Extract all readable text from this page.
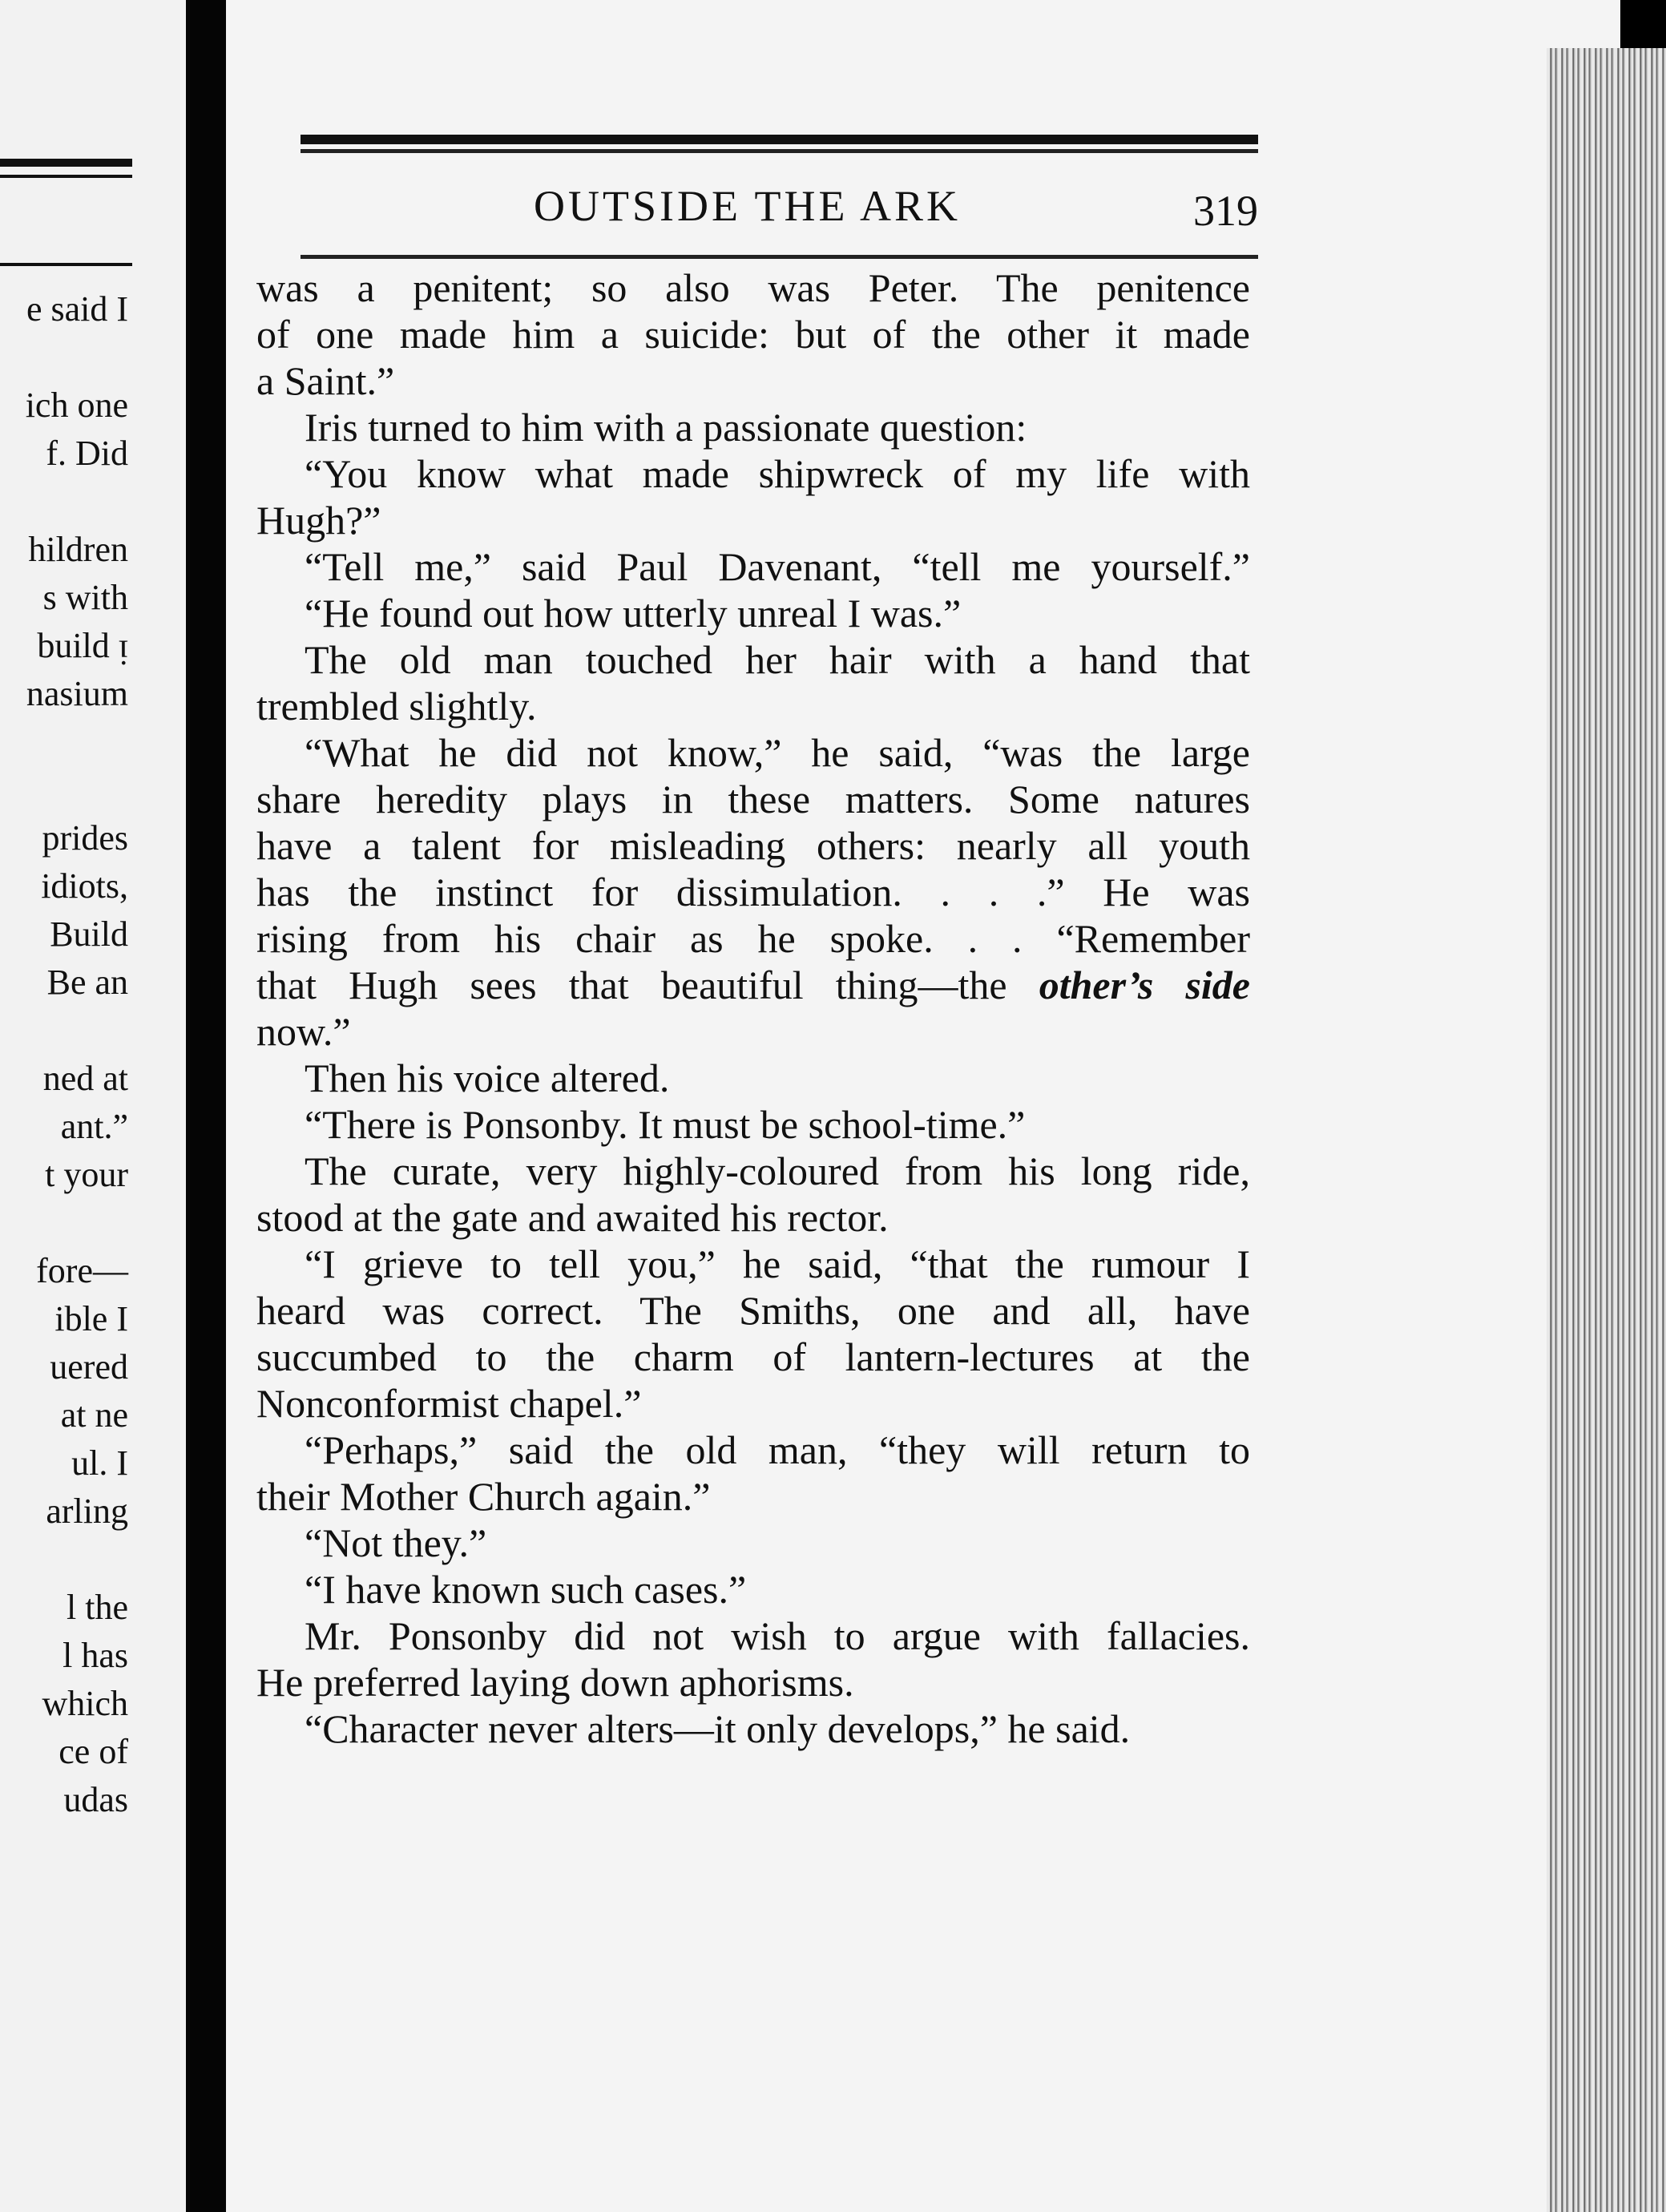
e said I
ich one
f. Did
hildren
s with
build ᴉ
nasium
prides
idiots,
Build
Be an
ned at
ant.”
t your
fore—
ible I
uered
at ne
ul. I
arling
l the
l has
which
ce of
udas
OUTSIDE THE ARK	319
was a penitent; so also was Peter. The penitence
of one made him a suicide: but of the other it made
a Saint.”
Iris turned to him with a passionate question:
“You know what made shipwreck of my life with
Hugh?”
“Tell me,” said Paul Davenant, “tell me yourself.”
“He found out how utterly unreal I was.”
The old man touched her hair with a hand that
trembled slightly.
“What he did not know,” he said, “was the large
share heredity plays in these matters. Some natures
have a talent for misleading others: nearly all youth
has the instinct for dissimulation. . . .” He was
rising from his chair as he spoke. . . “Remember
that Hugh sees that beautiful thing—the other’s side
now.”
Then his voice altered.
“There is Ponsonby. It must be school-time.”
The curate, very highly-coloured from his long ride,
stood at the gate and awaited his rector.
“I grieve to tell you,” he said, “that the rumour I
heard was correct. The Smiths, one and all, have
succumbed to the charm of lantern-lectures at the
Nonconformist chapel.”
“Perhaps,” said the old man, “they will return to
their Mother Church again.”
“Not they.”
“I have known such cases.”
Mr. Ponsonby did not wish to argue with fallacies.
He preferred laying down aphorisms.
“Character never alters—it only develops,” he said.
